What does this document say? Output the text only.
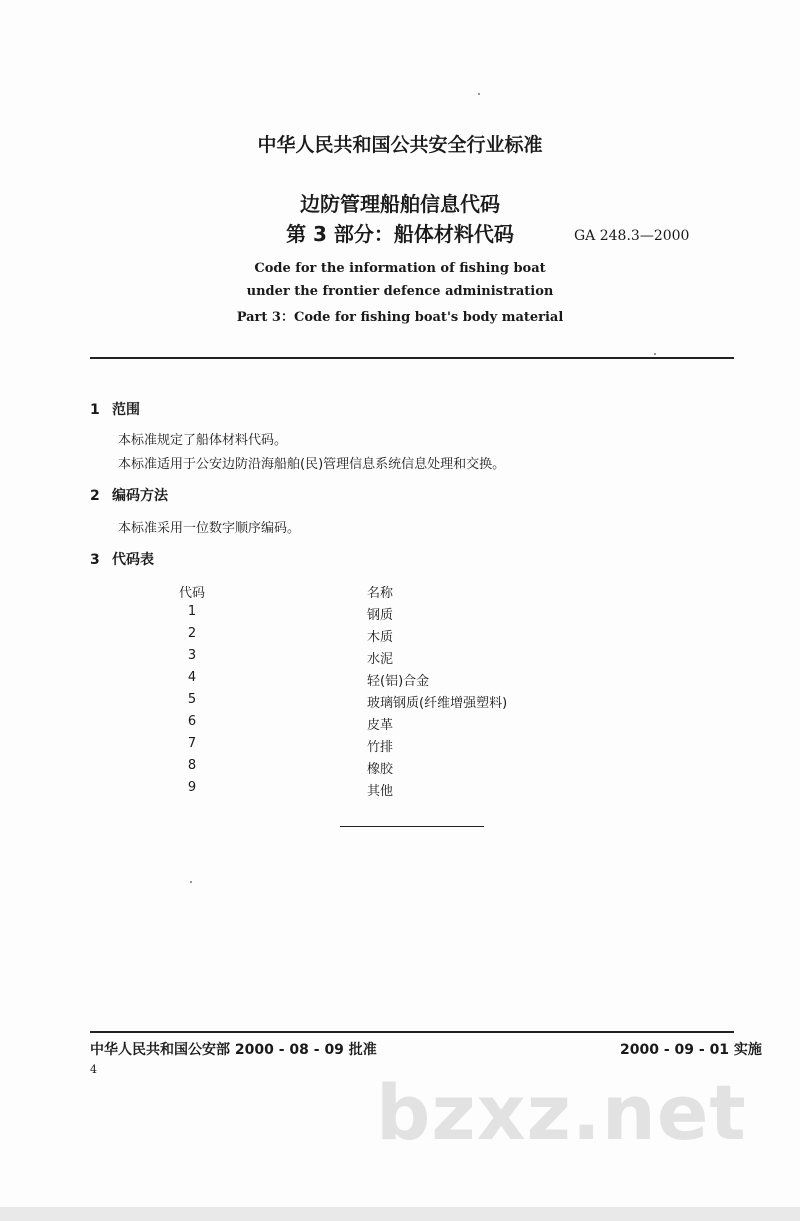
中华人民共和国公共安全行业标准
边防管理船舶信息代码
第 3 部分：船体材料代码	GA 248.3—2000
Code for the information of fishing boat
under the frontier defence administration
Part 3：Code for fishing boat's body material
1 范围
本标准规定了船体材料代码。
本标准适用于公安边防沿海船舶(民)管理信息系统信息处理和交换。
2 编码方法
本标准采用一位数字顺序编码。
3 代码表
代码	名称
1	钢质
2	木质
3	水泥
4	轻(铝)合金
5	玻璃钢质(纤维增强塑料)
6	皮革
7	竹排
8	橡胶
9	其他
中华人民共和国公安部 2000 - 08 - 09 批准	2000 - 09 - 01 实施
4	bzxz.net
